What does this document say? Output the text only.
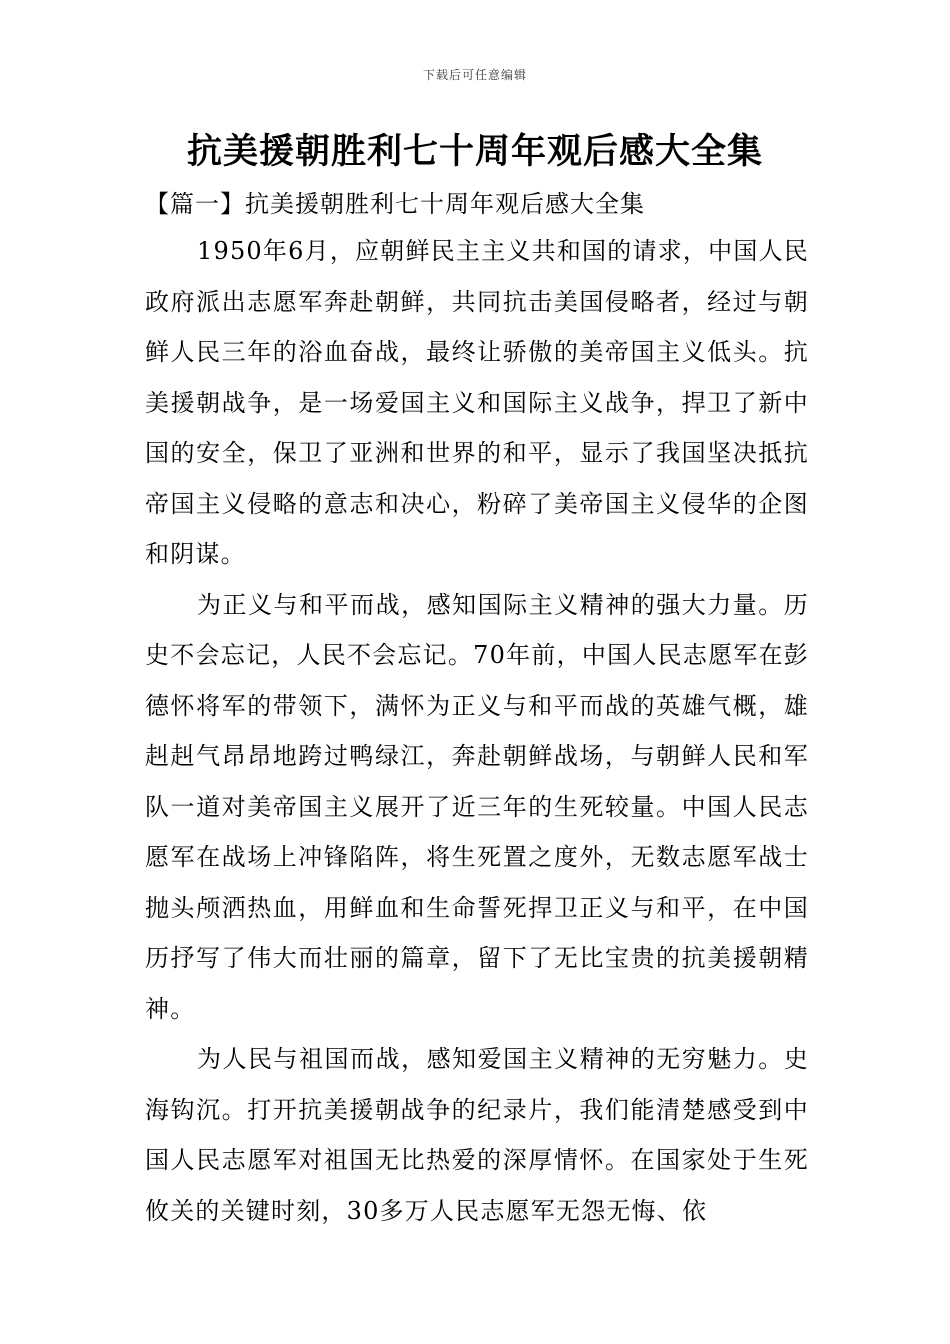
下载后可任意编辑
抗美援朝胜利七十周年观后感大全集
【篇一】抗美援朝胜利七十周年观后感大全集

1950年6月，应朝鲜民主主义共和国的请求，中国人民政府派出志愿军奔赴朝鲜，共同抗击美国侵略者，经过与朝鲜人民三年的浴血奋战，最终让骄傲的美帝国主义低头。抗美援朝战争，是一场爱国主义和国际主义战争，捍卫了新中国的安全，保卫了亚洲和世界的和平，显示了我国坚决抵抗帝国主义侵略的意志和决心，粉碎了美帝国主义侵华的企图和阴谋。

为正义与和平而战，感知国际主义精神的强大力量。历史不会忘记，人民不会忘记。70年前，中国人民志愿军在彭德怀将军的带领下，满怀为正义与和平而战的英雄气概，雄赳赳气昂昂地跨过鸭绿江，奔赴朝鲜战场，与朝鲜人民和军队一道对美帝国主义展开了近三年的生死较量。中国人民志愿军在战场上冲锋陷阵，将生死置之度外，无数志愿军战士抛头颅洒热血，用鲜血和生命誓死捍卫正义与和平，在中国历抒写了伟大而壮丽的篇章，留下了无比宝贵的抗美援朝精神。

为人民与祖国而战，感知爱国主义精神的无穷魅力。史海钩沉。打开抗美援朝战争的纪录片，我们能清楚感受到中国人民志愿军对祖国无比热爱的深厚情怀。在国家处于生死攸关的关键时刻，30多万人民志愿军无怨无悔、依
